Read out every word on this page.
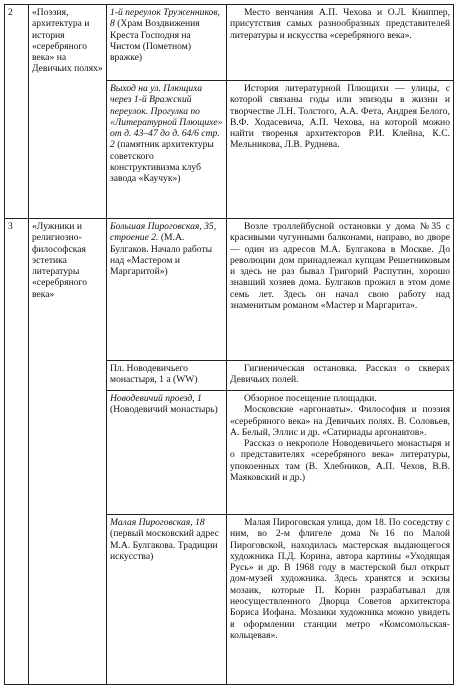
2	«Поэзия, архитектура и история «серебряного века» на Девичьих полях»	1-й переулок Труженников, 8 (Храм Воздвижения Креста Господня на Чистом (Пометном) вражке)	Место венчания А.П. Чехова и О.Л. Книппер, присутствия самых разнообразных представителей литературы и искусства «серебряного века».

		Выход на ул. Плющиха через 1-й Вражский переулок. Прогулка по «Литературной Плющихе» от д. 43–47 до д. 64/6 стр. 2 (памятник архитектуры советского конструктивизма клуб завода «Каучук»)	История литературной Плющихи — улицы, с которой связаны годы или эпизоды в жизни и творчестве Л.Н. Толстого, А.А. Фета, Андрея Белого, В.Ф. Ходасевича, А.П. Чехова, на которой можно найти творенья архитекторов Р.И. Клейна, К.С. Мельникова, Л.В. Руднева.

3	«Лужники и религиозно-философская эстетика литературы «серебряного века»	Большая Пироговская, 35, строение 2. (М.А. Булгаков. Начало работы над «Мастером и Маргаритой»)	Возле троллейбусной остановки у дома №35 с красивыми чугунными балконами, направо, во дворе — один из адресов М.А. Булгакова в Москве. До революции дом принадлежал купцам Решетниковым и здесь не раз бывал Григорий Распутин, хорошо знавший хозяев дома. Булгаков прожил в этом доме семь лет. Здесь он начал свою работу над знаменитым романом «Мастер и Маргарита».

		Пл. Новодевичьего монастыря, 1 а (WW)	Гигиеническая остановка. Рассказ о скверах Девичьих полей.

		Новодевичий проезд, 1 (Новодевичий монастырь)	Обзорное посещение площадки.

Московские «аргонавты». Философия и поэзия «серебряного века» на Девичьих полях. В. Соловьев, А. Белый, Эллис и др. «Сатириады аргонавтов».

Рассказ о некрополе Новодевичьего монастыря и о представителях «серебряного века» литературы, упокоенных там (В. Хлебников, А.П. Чехов, В.В. Маяковский и др.)

		Малая Пироговская, 18 (первый московский адрес М.А. Булгакова. Традиции искусства)	Малая Пироговская улица, дом 18. По соседству с ним, во 2-м флигеле дома №16 по Малой Пироговской, находилась мастерская выдающегося художника П.Д. Корина, автора картины «Уходящая Русь» и др. В 1968 году в мастерской был открыт дом-музей художника. Здесь хранятся и эскизы мозаик, которые П. Корин разрабатывал для неосуществленного Дворца Советов архитектора Бориса Иофана. Мозаики художника можно увидеть в оформлении станции метро «Комсомольская-кольцевая».
